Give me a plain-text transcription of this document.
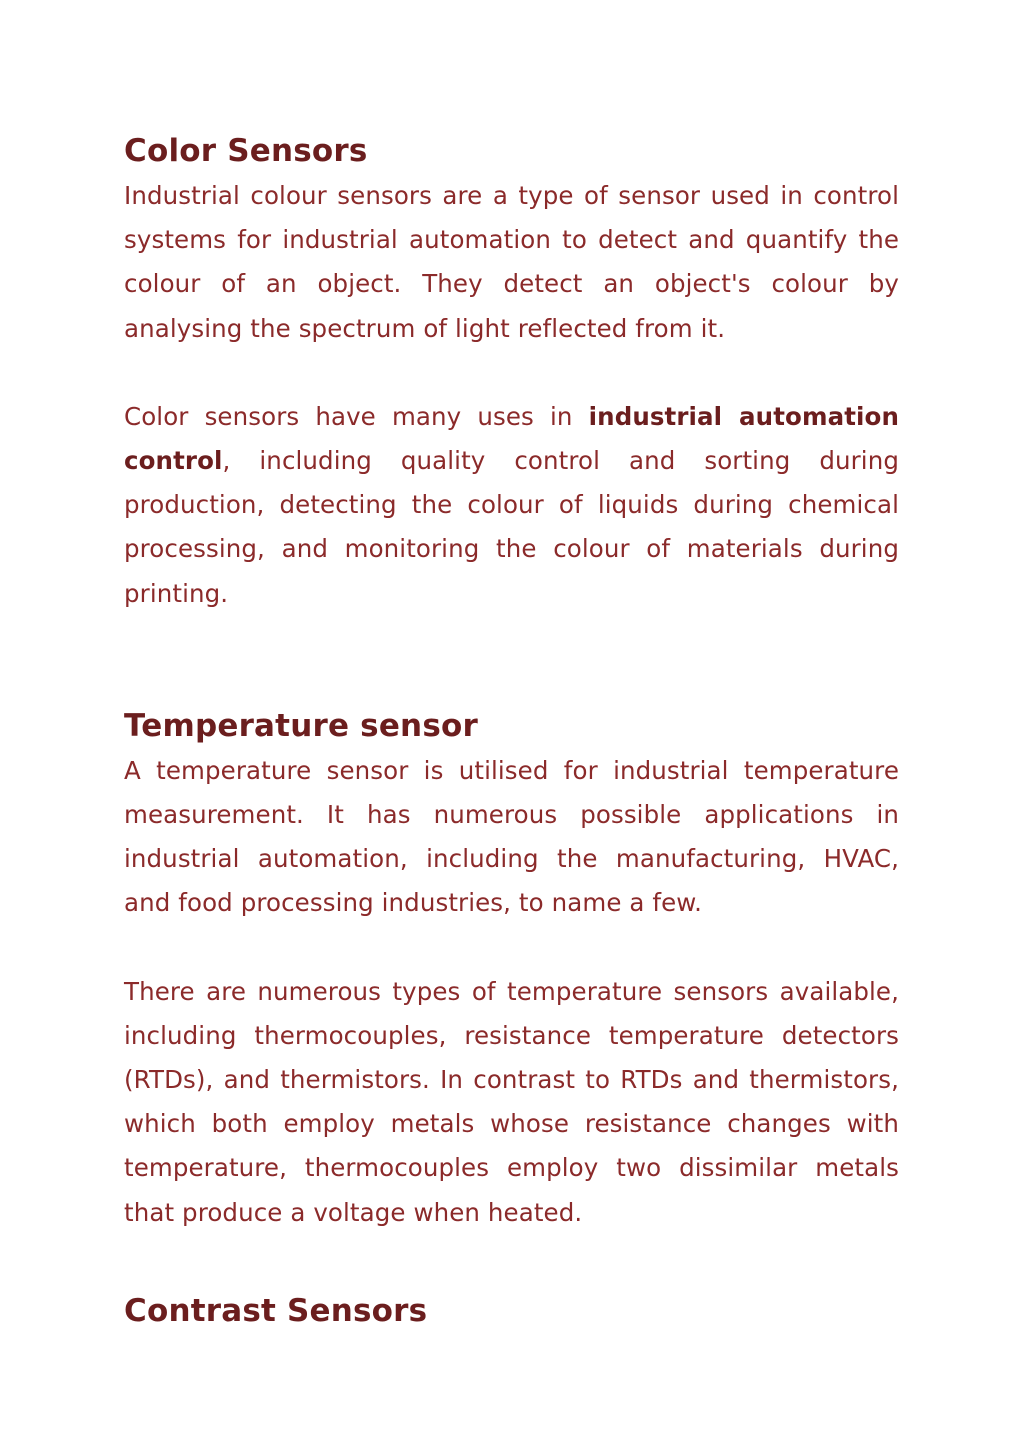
Color Sensors

Industrial colour sensors are a type of sensor used in control systems for industrial automation to detect and quantify the colour of an object. They detect an object's colour by analysing the spectrum of light reflected from it.

Color sensors have many uses in industrial automation control, including quality control and sorting during production, detecting the colour of liquids during chemical processing, and monitoring the colour of materials during printing.

Temperature sensor

A temperature sensor is utilised for industrial temperature measurement. It has numerous possible applications in industrial automation, including the manufacturing, HVAC, and food processing industries, to name a few.

There are numerous types of temperature sensors available, including thermocouples, resistance temperature detectors (RTDs), and thermistors. In contrast to RTDs and thermistors, which both employ metals whose resistance changes with temperature, thermocouples employ two dissimilar metals that produce a voltage when heated.

Contrast Sensors
